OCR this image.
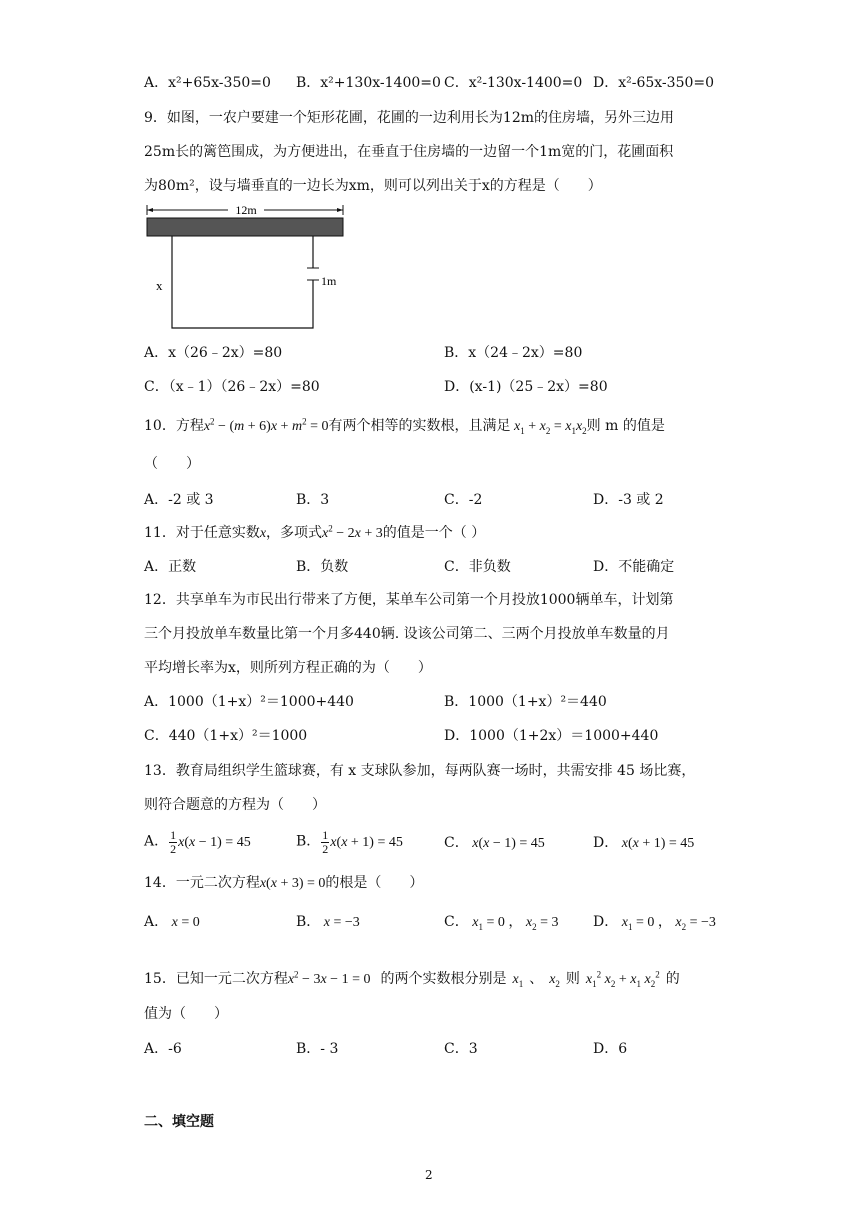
A．x²+65x-350=0 B．x²+130x-1400=0 C．x²-130x-1400=0 D．x²-65x-350=0
9．如图，一农户要建一个矩形花圃，花圃的一边利用长为12m的住房墙，另外三边用
25m长的篱笆围成，为方便进出，在垂直于住房墙的一边留一个1m宽的门，花圃面积
为80m²，设与墙垂直的一边长为xm，则可以列出关于x的方程是（　　）
12m
1m
x
A．x（26﹣2x）=80	B．x（24﹣2x）=80
C．（x﹣1）（26﹣2x）=80	D．(x-1)（25﹣2x）=80
10．方程$x^2 - (m + 6)x + m^2 = 0$有两个相等的实数根，且满足 $x_1 + x_2 = x_1x_2$则 m 的值是
（　　）
A．-2 或 3	B．3	C．-2	D．-3 或 2
11．对于任意实数x，多项式$x^2 - 2x + 3$的值是一个（ ）
A．正数	B．负数	C．非负数	D．不能确定
12．共享单车为市民出行带来了方便，某单车公司第一个月投放1000辆单车，计划第
三个月投放单车数量比第一个月多440辆. 设该公司第二、三两个月投放单车数量的月
平均增长率为x，则所列方程正确的为（　　）
A．1000（1+x）²＝1000+440	B．1000（1+x）²＝440
C．440（1+x）²＝1000	D．1000（1+2x）＝1000+440
13．教育局组织学生篮球赛，有 x 支球队参加，每两队赛一场时，共需安排 45 场比赛，
则符合题意的方程为（　　）
A． $\frac{1}{2} x(x - 1) = 45$	B． $\frac{1}{2} x(x + 1) = 45$	C． x(x − 1) = 45	D． x(x + 1) = 45
14．一元二次方程x(x + 3) = 0的根是（　　）
A． x = 0	B． x = −3	C． $x_1 = 0$ ， $x_2 = 3$ D． $x_1 = 0$ ， $x_2 = -3$
15．已知一元二次方程$x^2 - 3x - 1 = 0$ 的两个实数根分别是 $x_1$ 、 $x_2$ 则 $x_1^2$ $x_2 + x_1$ $x_2^2$ 的
值为（　　）
A．-6	B．- 3	C．3	D．6
二、填空题
2
